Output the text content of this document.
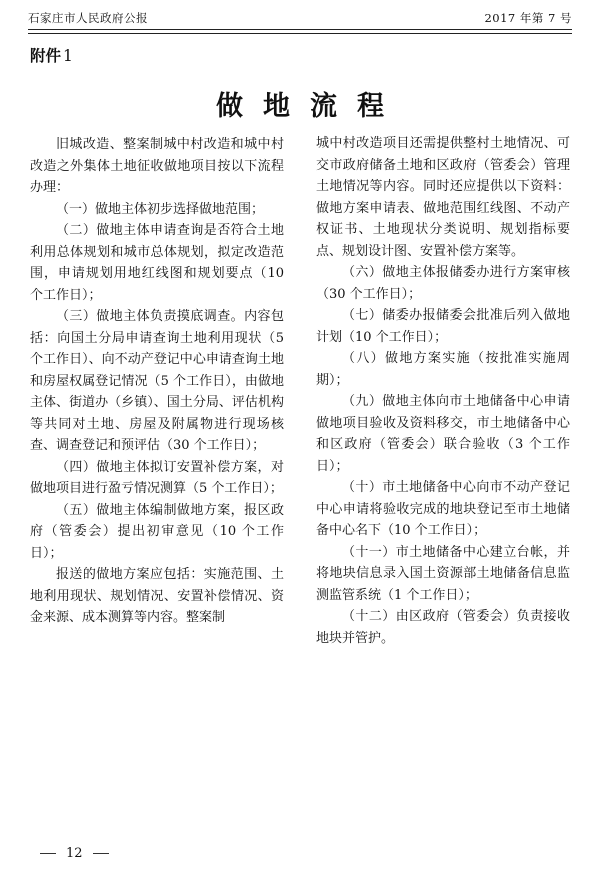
石家庄市人民政府公报	2017 年第 7 号
附件 1
做地流程

旧城改造、整案制城中村改造和城中村改造之外集体土地征收做地项目按以下流程办理：

（一）做地主体初步选择做地范围；

（二）做地主体申请查询是否符合土地利用总体规划和城市总体规划，拟定改造范围，申请规划用地红线图和规划要点（10 个工作日）；

（三）做地主体负责摸底调查。内容包括：向国土分局申请查询土地利用现状（5 个工作日）、向不动产登记中心申请查询土地和房屋权属登记情况（5 个工作日），由做地主体、街道办（乡镇）、国土分局、评估机构等共同对土地、房屋及附属物进行现场核查、调查登记和预评估（30 个工作日）；

（四）做地主体拟订安置补偿方案，对做地项目进行盈亏情况测算（5 个工作日）；

（五）做地主体编制做地方案，报区政府（管委会）提出初审意见（10 个工作日）；

报送的做地方案应包括：实施范围、土地利用现状、规划情况、安置补偿情况、资金来源、成本测算等内容。整案制

城中村改造项目还需提供整村土地情况、可交市政府储备土地和区政府（管委会）管理土地情况等内容。同时还应提供以下资料：做地方案申请表、做地范围红线图、不动产权证书、土地现状分类说明、规划指标要点、规划设计图、安置补偿方案等。

（六）做地主体报储委办进行方案审核（30 个工作日）；

（七）储委办报储委会批准后列入做地计划（10 个工作日）；

（八）做地方案实施（按批准实施周期）；

（九）做地主体向市土地储备中心申请做地项目验收及资料移交，市土地储备中心和区政府（管委会）联合验收（3 个工作日）；

（十）市土地储备中心向市不动产登记中心申请将验收完成的地块登记至市土地储备中心名下（10 个工作日）；

（十一）市土地储备中心建立台帐，并将地块信息录入国土资源部土地储备信息监测监管系统（1 个工作日）；

（十二）由区政府（管委会）负责接收地块并管护。

12
